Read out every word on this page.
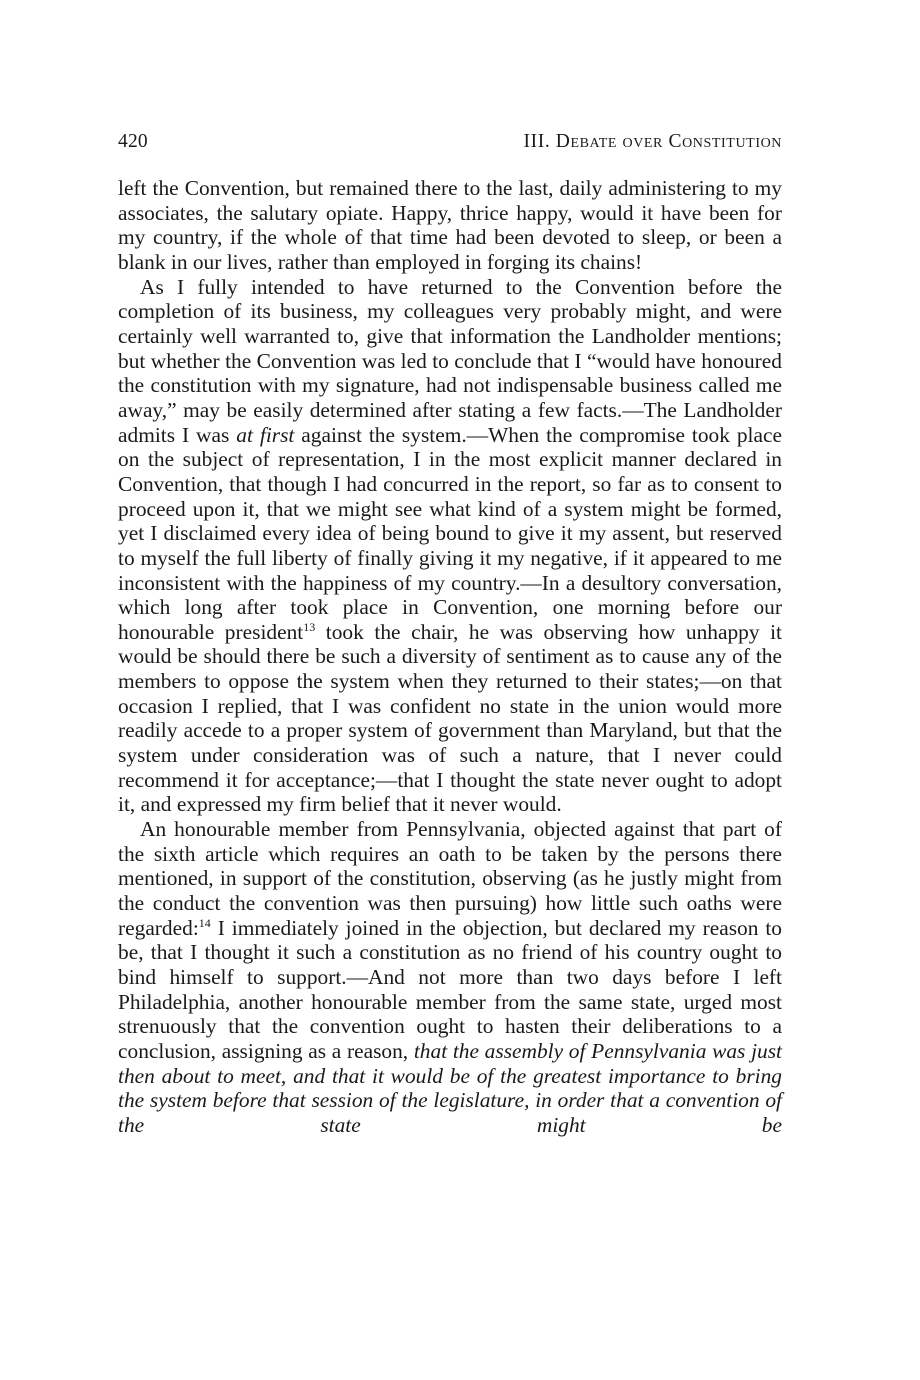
420	III. Debate over Constitution

left the Convention, but remained there to the last, daily administering to my associates, the salutary opiate. Happy, thrice happy, would it have been for my country, if the whole of that time had been devoted to sleep, or been a blank in our lives, rather than employed in forging its chains!

As I fully intended to have returned to the Convention before the completion of its business, my colleagues very probably might, and were certainly well warranted to, give that information the Landholder mentions; but whether the Convention was led to conclude that I “would have honoured the constitution with my signature, had not indispensable business called me away,” may be easily determined after stating a few facts.—The Landholder admits I was at first against the system.—When the compromise took place on the subject of representation, I in the most explicit manner declared in Convention, that though I had concurred in the report, so far as to consent to proceed upon it, that we might see what kind of a system might be formed, yet I disclaimed every idea of being bound to give it my assent, but reserved to myself the full liberty of finally giving it my negative, if it appeared to me inconsistent with the happiness of my country.—In a desultory conversation, which long after took place in Convention, one morning before our honourable president$^{13}$ took the chair, he was observing how unhappy it would be should there be such a diversity of sentiment as to cause any of the members to oppose the system when they returned to their states;—on that occasion I replied, that I was confident no state in the union would more readily accede to a proper system of government than Maryland, but that the system under consideration was of such a nature, that I never could recommend it for acceptance;—that I thought the state never ought to adopt it, and expressed my firm belief that it never would.

An honourable member from Pennsylvania, objected against that part of the sixth article which requires an oath to be taken by the persons there mentioned, in support of the constitution, observing (as he justly might from the conduct the convention was then pursuing) how little such oaths were regarded:$^{14}$ I immediately joined in the objection, but declared my reason to be, that I thought it such a constitution as no friend of his country ought to bind himself to support.—And not more than two days before I left Philadelphia, another honourable member from the same state, urged most strenuously that the convention ought to hasten their deliberations to a conclusion, assigning as a reason, that the assembly of Pennsylvania was just then about to meet, and that it would be of the greatest importance to bring the system before that session of the legislature, in order that a convention of the state might be
